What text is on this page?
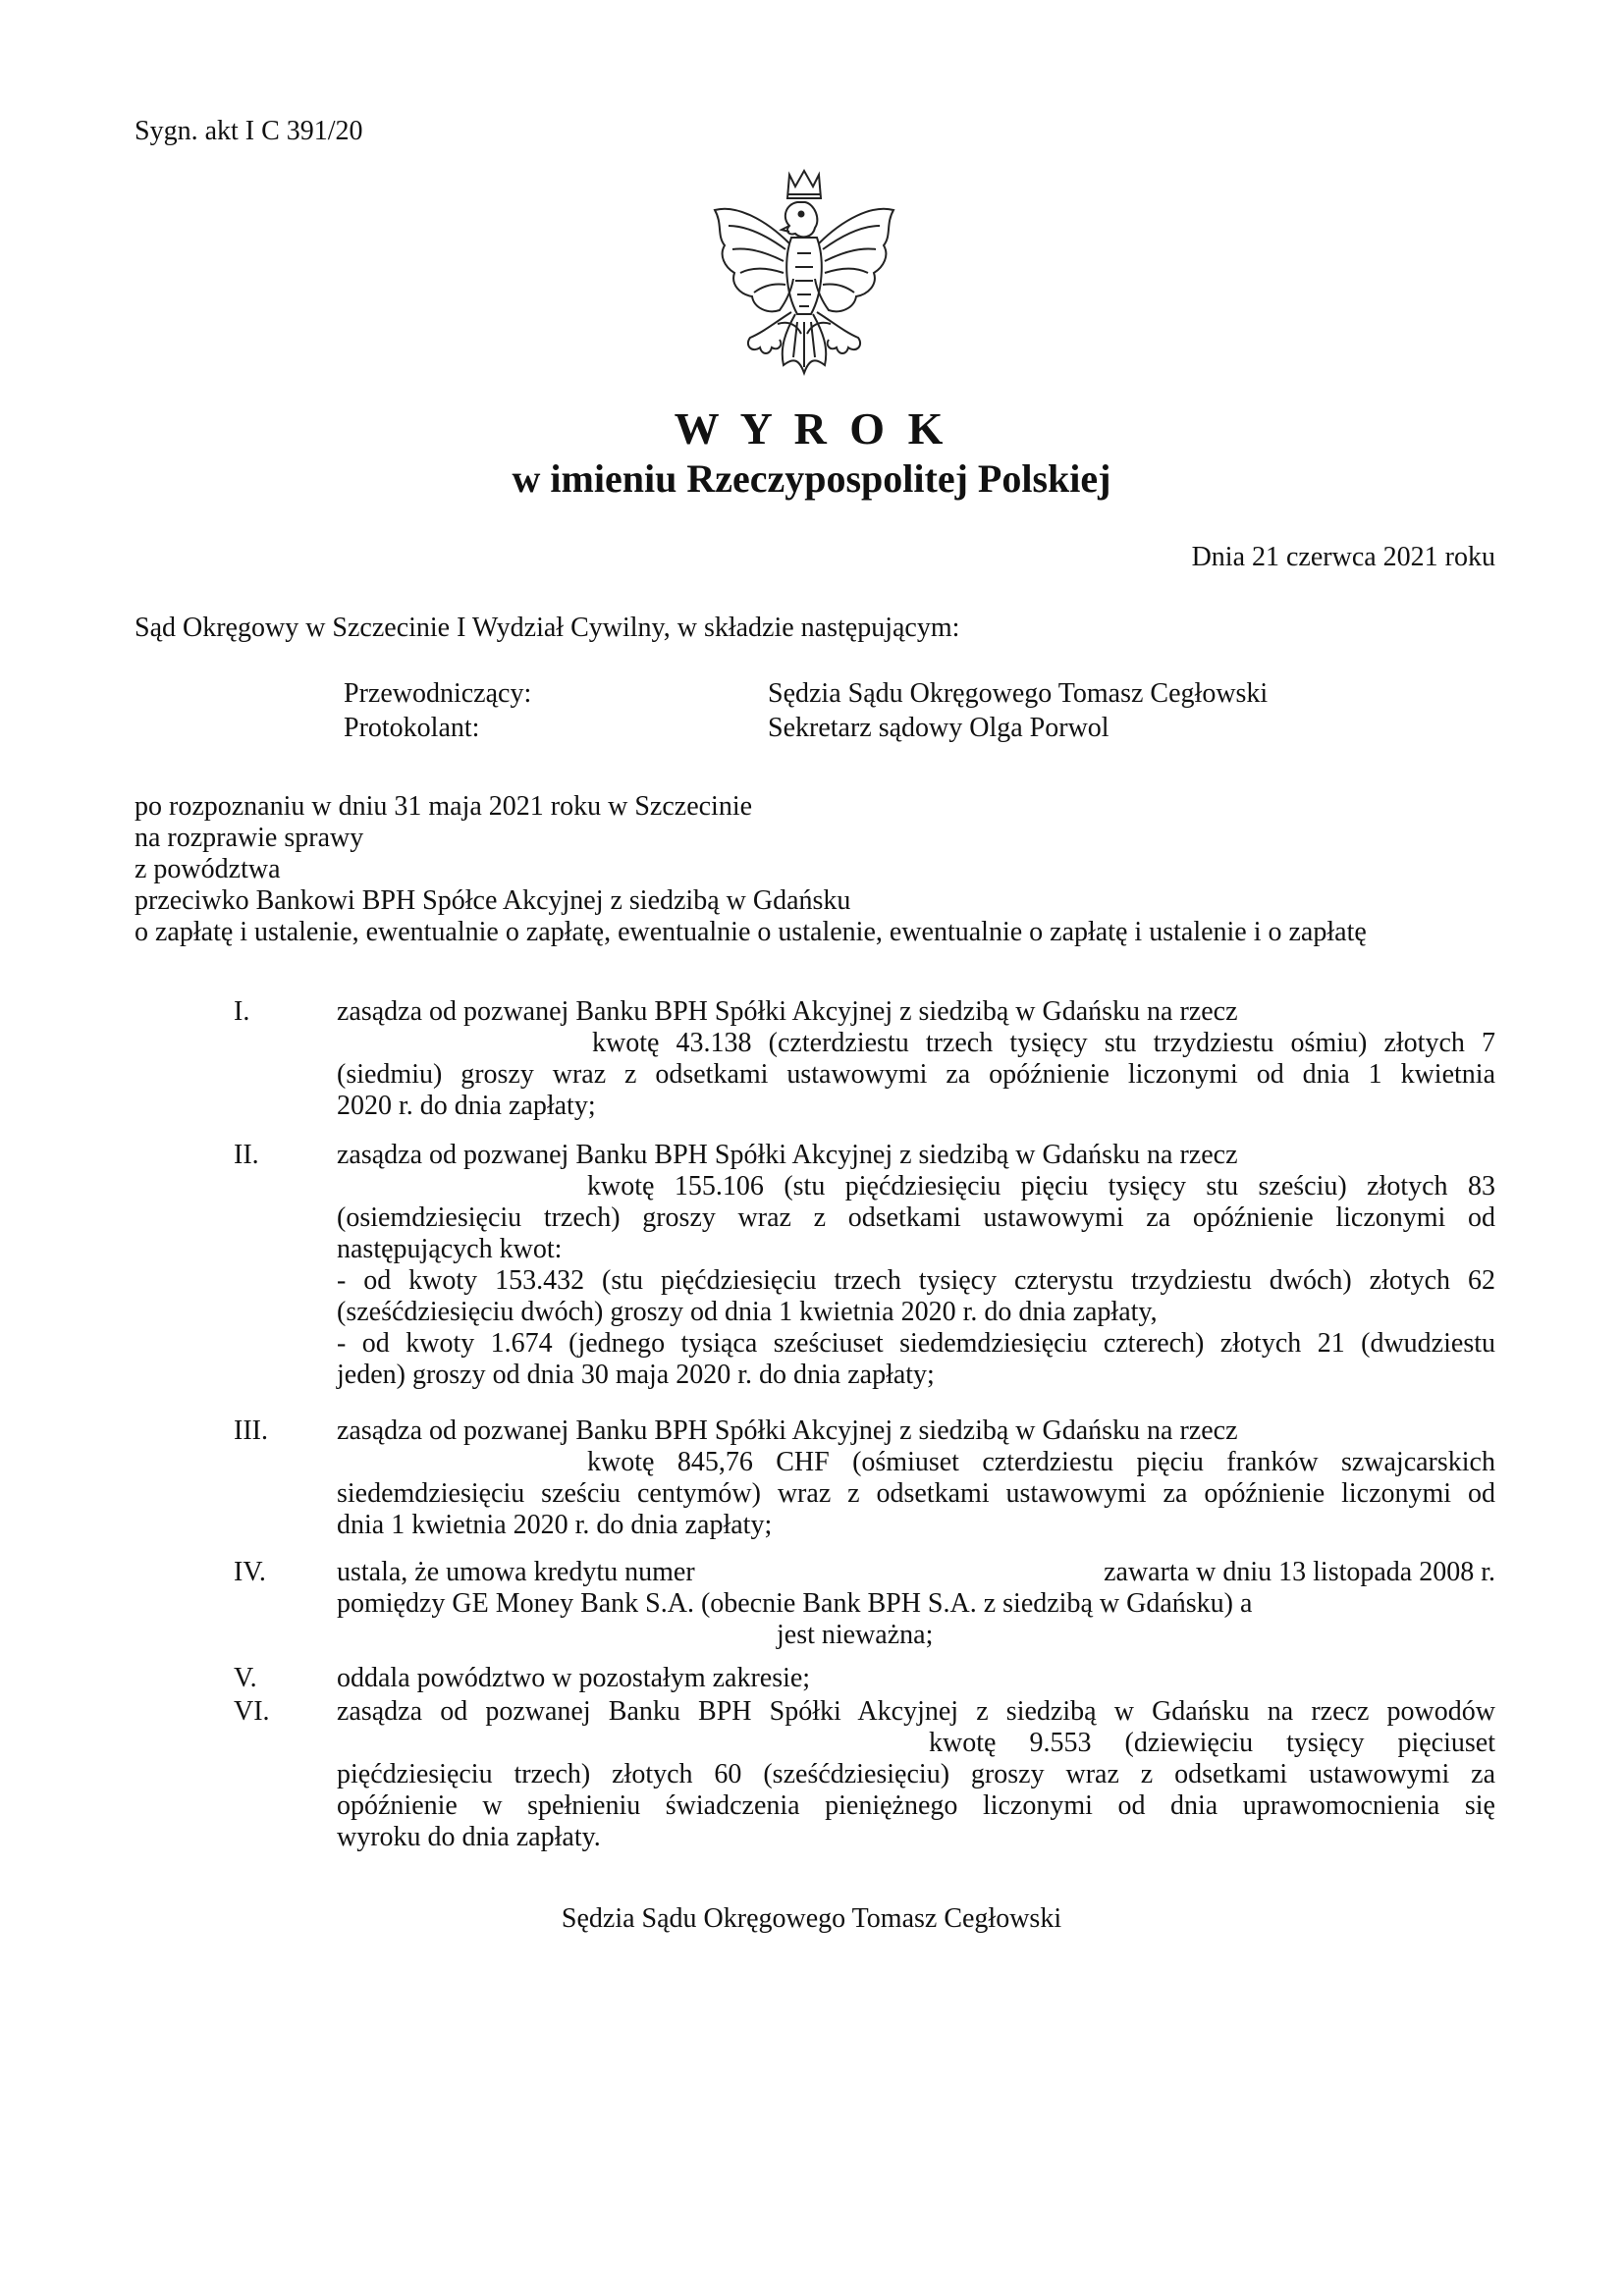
Sygn. akt I C 391/20
W Y R O K
w imieniu Rzeczypospolitej Polskiej
Dnia 21 czerwca 2021 roku
Sąd Okręgowy w Szczecinie I Wydział Cywilny, w składzie następującym:
Przewodniczący:	Sędzia Sądu Okręgowego Tomasz Cegłowski
Protokolant:	Sekretarz sądowy Olga Porwol
po rozpoznaniu w dniu 31 maja 2021 roku w Szczecinie
na rozprawie sprawy
z powództwa
przeciwko Bankowi BPH Spółce Akcyjnej z siedzibą w Gdańsku
o zapłatę i ustalenie, ewentualnie o zapłatę, ewentualnie o ustalenie, ewentualnie o zapłatę i ustalenie i o zapłatę
I.	zasądza od pozwanej Banku BPH Spółki Akcyjnej z siedzibą w Gdańsku na rzecz
kwotę 43.138 (czterdziestu trzech tysięcy stu trzydziestu ośmiu) złotych 7
(siedmiu) groszy wraz z odsetkami ustawowymi za opóźnienie liczonymi od dnia 1 kwietnia
2020 r. do dnia zapłaty;
II.	zasądza od pozwanej Banku BPH Spółki Akcyjnej z siedzibą w Gdańsku na rzecz
kwotę 155.106 (stu pięćdziesięciu pięciu tysięcy stu sześciu) złotych 83
(osiemdziesięciu trzech) groszy wraz z odsetkami ustawowymi za opóźnienie liczonymi od
następujących kwot:
- od kwoty 153.432 (stu pięćdziesięciu trzech tysięcy czterystu trzydziestu dwóch) złotych 62
(sześćdziesięciu dwóch) groszy od dnia 1 kwietnia 2020 r. do dnia zapłaty,
- od kwoty 1.674 (jednego tysiąca sześciuset siedemdziesięciu czterech) złotych 21 (dwudziestu
jeden) groszy od dnia 30 maja 2020 r. do dnia zapłaty;
III.	zasądza od pozwanej Banku BPH Spółki Akcyjnej z siedzibą w Gdańsku na rzecz
kwotę 845,76 CHF (ośmiuset czterdziestu pięciu franków szwajcarskich
siedemdziesięciu sześciu centymów) wraz z odsetkami ustawowymi za opóźnienie liczonymi od
dnia 1 kwietnia 2020 r. do dnia zapłaty;
IV.	ustala, że umowa kredytu numer	zawarta w dniu 13 listopada 2008 r.
pomiędzy GE Money Bank S.A. (obecnie Bank BPH S.A. z siedzibą w Gdańsku) a
jest nieważna;
V.	oddala powództwo w pozostałym zakresie;
VI. zasądza od pozwanej Banku BPH Spółki Akcyjnej z siedzibą w Gdańsku na rzecz powodów
kwotę 9.553 (dziewięciu tysięcy pięciuset
pięćdziesięciu trzech) złotych 60 (sześćdziesięciu) groszy wraz z odsetkami ustawowymi za
opóźnienie w spełnieniu świadczenia pieniężnego liczonymi od dnia uprawomocnienia się
wyroku do dnia zapłaty.
Sędzia Sądu Okręgowego Tomasz Cegłowski
